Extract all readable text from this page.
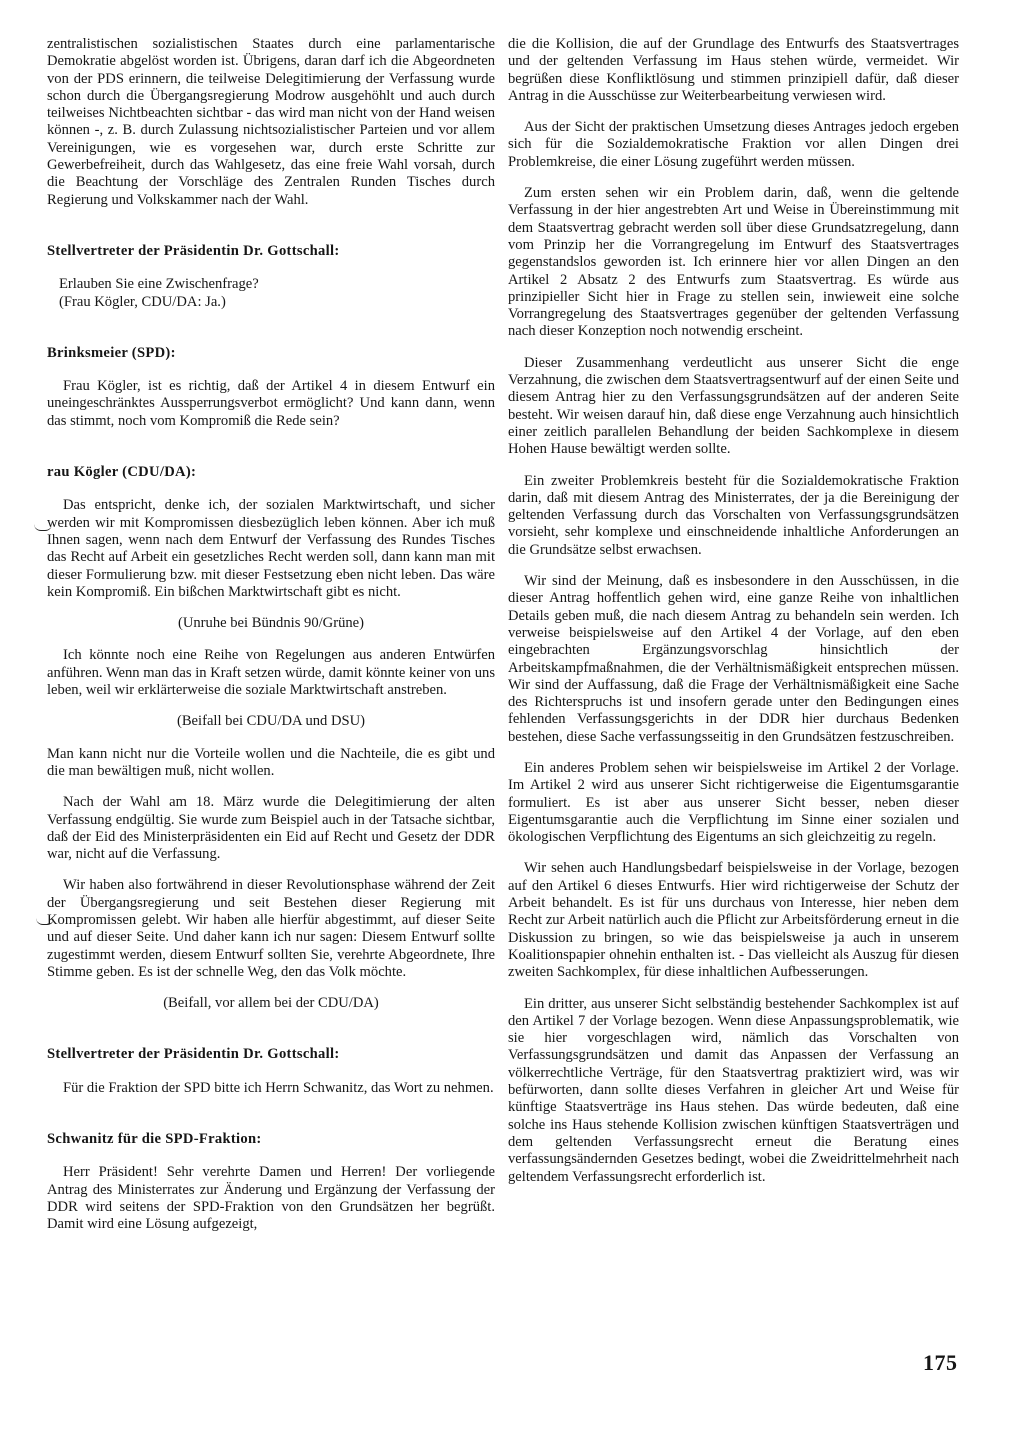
zentralistischen sozialistischen Staates durch eine parlamentarische Demokratie abgelöst worden ist. Übrigens, daran darf ich die Abgeordneten von der PDS erinnern, die teilweise Delegitimierung der Verfassung wurde schon durch die Übergangsregierung Modrow ausgehöhlt und auch durch teilweises Nichtbeachten sichtbar - das wird man nicht von der Hand weisen können -, z. B. durch Zulassung nichtsozialistischer Parteien und vor allem Vereinigungen, wie es vorgesehen war, durch erste Schritte zur Gewerbefreiheit, durch das Wahlgesetz, das eine freie Wahl vorsah, durch die Beachtung der Vorschläge des Zentralen Runden Tisches durch Regierung und Volkskammer nach der Wahl.

Stellvertreter der Präsidentin Dr. Gottschall:

Erlauben Sie eine Zwischenfrage?
(Frau Kögler, CDU/DA: Ja.)

Brinksmeier (SPD):

Frau Kögler, ist es richtig, daß der Artikel 4 in diesem Entwurf ein uneingeschränktes Aussperrungsverbot ermöglicht? Und kann dann, wenn das stimmt, noch vom Kompromiß die Rede sein?

rau Kögler (CDU/DA):

Das entspricht, denke ich, der sozialen Marktwirtschaft, und sicher werden wir mit Kompromissen diesbezüglich leben können. Aber ich muß Ihnen sagen, wenn nach dem Entwurf der Verfassung des Rundes Tisches das Recht auf Arbeit ein gesetzliches Recht werden soll, dann kann man mit dieser Formulierung bzw. mit dieser Festsetzung eben nicht leben. Das wäre kein Kompromiß. Ein bißchen Marktwirtschaft gibt es nicht.

(Unruhe bei Bündnis 90/Grüne)

Ich könnte noch eine Reihe von Regelungen aus anderen Entwürfen anführen. Wenn man das in Kraft setzen würde, damit könnte keiner von uns leben, weil wir erklärterweise die soziale Marktwirtschaft anstreben.

(Beifall bei CDU/DA und DSU)

Man kann nicht nur die Vorteile wollen und die Nachteile, die es gibt und die man bewältigen muß, nicht wollen.

Nach der Wahl am 18. März wurde die Delegitimierung der alten Verfassung endgültig. Sie wurde zum Beispiel auch in der Tatsache sichtbar, daß der Eid des Ministerpräsidenten ein Eid auf Recht und Gesetz der DDR war, nicht auf die Verfassung.

Wir haben also fortwährend in dieser Revolutionsphase während der Zeit der Übergangsregierung und seit Bestehen dieser Regierung mit Kompromissen gelebt. Wir haben alle hierfür abgestimmt, auf dieser Seite und auf dieser Seite. Und daher kann ich nur sagen: Diesem Entwurf sollte zugestimmt werden, diesem Entwurf sollten Sie, verehrte Abgeordnete, Ihre Stimme geben. Es ist der schnelle Weg, den das Volk möchte.

(Beifall, vor allem bei der CDU/DA)

Stellvertreter der Präsidentin Dr. Gottschall:

Für die Fraktion der SPD bitte ich Herrn Schwanitz, das Wort zu nehmen.

Schwanitz für die SPD-Fraktion:

Herr Präsident! Sehr verehrte Damen und Herren! Der vorliegende Antrag des Ministerrates zur Änderung und Ergänzung der Verfassung der DDR wird seitens der SPD-Fraktion von den Grundsätzen her begrüßt. Damit wird eine Lösung aufgezeigt,

die die Kollision, die auf der Grundlage des Entwurfs des Staatsvertrages und der geltenden Verfassung im Haus stehen würde, vermeidet. Wir begrüßen diese Konfliktlösung und stimmen prinzipiell dafür, daß dieser Antrag in die Ausschüsse zur Weiterbearbeitung verwiesen wird.

Aus der Sicht der praktischen Umsetzung dieses Antrages jedoch ergeben sich für die Sozialdemokratische Fraktion vor allen Dingen drei Problemkreise, die einer Lösung zugeführt werden müssen.

Zum ersten sehen wir ein Problem darin, daß, wenn die geltende Verfassung in der hier angestrebten Art und Weise in Übereinstimmung mit dem Staatsvertrag gebracht werden soll über diese Grundsatzregelung, dann vom Prinzip her die Vorrangregelung im Entwurf des Staatsvertrages gegenstandslos geworden ist. Ich erinnere hier vor allen Dingen an den Artikel 2 Absatz 2 des Entwurfs zum Staatsvertrag. Es würde aus prinzipieller Sicht hier in Frage zu stellen sein, inwieweit eine solche Vorrangregelung des Staatsvertrages gegenüber der geltenden Verfassung nach dieser Konzeption noch notwendig erscheint.

Dieser Zusammenhang verdeutlicht aus unserer Sicht die enge Verzahnung, die zwischen dem Staatsvertragsentwurf auf der einen Seite und diesem Antrag hier zu den Verfassungsgrundsätzen auf der anderen Seite besteht. Wir weisen darauf hin, daß diese enge Verzahnung auch hinsichtlich einer zeitlich parallelen Behandlung der beiden Sachkomplexe in diesem Hohen Hause bewältigt werden sollte.

Ein zweiter Problemkreis besteht für die Sozialdemokratische Fraktion darin, daß mit diesem Antrag des Ministerrates, der ja die Bereinigung der geltenden Verfassung durch das Vorschalten von Verfassungsgrundsätzen vorsieht, sehr komplexe und einschneidende inhaltliche Anforderungen an die Grundsätze selbst erwachsen.

Wir sind der Meinung, daß es insbesondere in den Ausschüssen, in die dieser Antrag hoffentlich gehen wird, eine ganze Reihe von inhaltlichen Details geben muß, die nach diesem Antrag zu behandeln sein werden. Ich verweise beispielsweise auf den Artikel 4 der Vorlage, auf den eben eingebrachten Ergänzungsvorschlag hinsichtlich der Arbeitskampfmaßnahmen, die der Verhältnismäßigkeit entsprechen müssen. Wir sind der Auffassung, daß die Frage der Verhältnismäßigkeit eine Sache des Richterspruchs ist und insofern gerade unter den Bedingungen eines fehlenden Verfassungsgerichts in der DDR hier durchaus Bedenken bestehen, diese Sache verfassungsseitig in den Grundsätzen festzuschreiben.

Ein anderes Problem sehen wir beispielsweise im Artikel 2 der Vorlage. Im Artikel 2 wird aus unserer Sicht richtigerweise die Eigentumsgarantie formuliert. Es ist aber aus unserer Sicht besser, neben dieser Eigentumsgarantie auch die Verpflichtung im Sinne einer sozialen und ökologischen Verpflichtung des Eigentums an sich gleichzeitig zu regeln.

Wir sehen auch Handlungsbedarf beispielsweise in der Vorlage, bezogen auf den Artikel 6 dieses Entwurfs. Hier wird richtigerweise der Schutz der Arbeit behandelt. Es ist für uns durchaus von Interesse, hier neben dem Recht zur Arbeit natürlich auch die Pflicht zur Arbeitsförderung erneut in die Diskussion zu bringen, so wie das beispielsweise ja auch in unserem Koalitionspapier ohnehin enthalten ist. - Das vielleicht als Auszug für diesen zweiten Sachkomplex, für diese inhaltlichen Aufbesserungen.

Ein dritter, aus unserer Sicht selbständig bestehender Sachkomplex ist auf den Artikel 7 der Vorlage bezogen. Wenn diese Anpassungsproblematik, wie sie hier vorgeschlagen wird, nämlich das Vorschalten von Verfassungsgrundsätzen und damit das Anpassen der Verfassung an völkerrechtliche Verträge, für den Staatsvertrag praktiziert wird, was wir befürworten, dann sollte dieses Verfahren in gleicher Art und Weise für künftige Staatsverträge ins Haus stehen. Das würde bedeuten, daß eine solche ins Haus stehende Kollision zwischen künftigen Staatsverträgen und dem geltenden Verfassungsrecht erneut die Beratung eines verfassungsändernden Gesetzes bedingt, wobei die Zweidrittelmehrheit nach geltendem Verfassungsrecht erforderlich ist.

175
